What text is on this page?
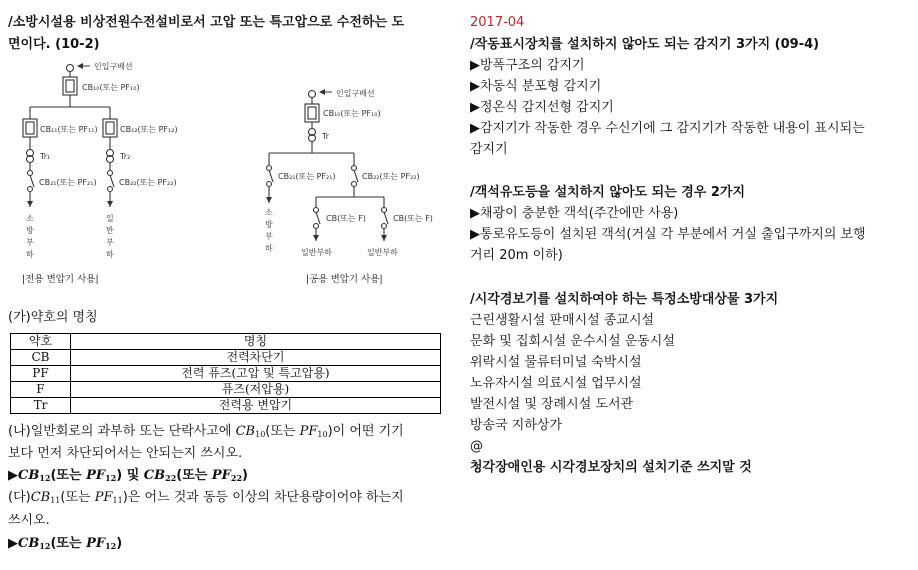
/소방시설용 비상전원수전설비로서 고압 또는 특고압으로 수전하는 도
면이다. (10-2)
인입구배선
CB₁₀(또는 PF₁₀)
CB₁₁(또는 PF₁₁)	CB₁₂(또는 PF₁₂)
Tr₁	Tr₂
CB₂₁(또는 PF₂₁)	CB₂₂(또는 PF₂₂)
소
방
부
하
일
반
부
하
|전용 변압기 사용|
인입구배선
CB₁₀(또는 PF₁₀)
Tr
CB₂₁(또는 PF₂₁)	CB₂₂(또는 PF₂₂)
소
방
부
하
CB(또는 F)	CB(또는 F)
일반부하	일반부하
|공용 변압기 사용|
(가)약호의 명칭
약호	명칭
CB	전력차단기
PF	전력 퓨즈(고압 및 특고압용)
F	퓨즈(저압용)
Tr	전력용 변압기
(나)일반회로의 과부하 또는 단락사고에 $CB_{10}$(또는 $PF_{10}$)이 어떤 기기
보다 먼저 차단되어서는 안되는지 쓰시오.
$▶CB_{12}$(또는 $PF_{12}$) 및 $CB_{22}$(또는 $PF_{22}$)
(다)$CB_{11}$(또는 $PF_{11}$)은 어느 것과 동등 이상의 차단용량이어야 하는지
쓰시오.
$▶CB_{12}$(또는 $PF_{12}$)
2017-04
/작동표시장치를 설치하지 않아도 되는 감지기 3가지 (09-4)
▶방폭구조의 감지기
▶차동식 분포형 감지기
▶정온식 감지선형 감지기
▶감지기가 작동한 경우 수신기에 그 감지기가 작동한 내용이 표시되는
감지기
/객석유도등을 설치하지 않아도 되는 경우 2가지
▶채광이 충분한 객석(주간에만 사용)
▶통로유도등이 설치된 객석(거실 각 부분에서 거실 출입구까지의 보행
거리 20m 이하)
/시각경보기를 설치하여야 하는 특정소방대상물 3가지
근린생활시설 판매시설 종교시설
문화 및 집회시설 운수시설 운동시설
위락시설 물류터미널 숙박시설
노유자시설 의료시설 업무시설
발전시설 및 장례시설 도서관
방송국 지하상가
@
청각장애인용 시각경보장치의 설치기준 쓰지말 것
